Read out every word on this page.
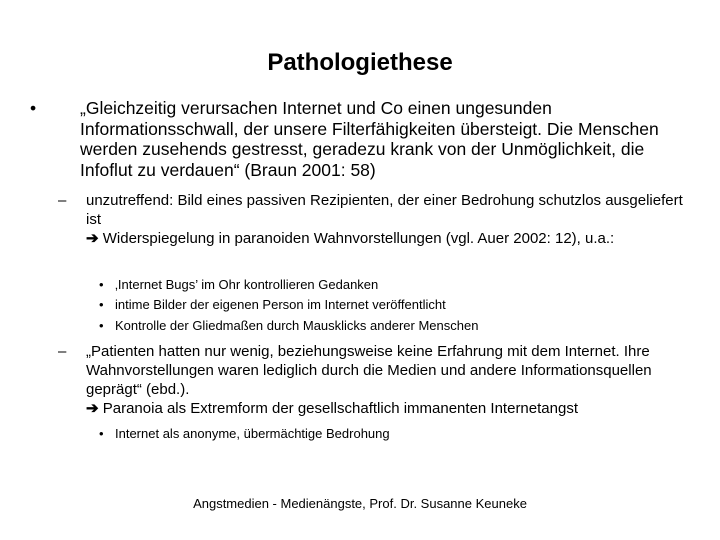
Pathologiethese
•	„Gleichzeitig verursachen Internet und Co einen ungesunden Informationsschwall, der unsere Filterfähigkeiten übersteigt. Die Menschen werden zusehends gestresst, geradezu krank von der Unmöglichkeit, die Infoflut zu verdauen“ (Braun 2001: 58)
– unzutreffend: Bild eines passiven Rezipienten, der einer Bedrohung schutzlos ausgeliefert ist
➔ Widerspiegelung in paranoiden Wahnvorstellungen (vgl. Auer 2002: 12), u.a.:
• ‚Internet Bugs’ im Ohr kontrollieren Gedanken
• intime Bilder der eigenen Person im Internet veröffentlicht
• Kontrolle der Gliedmaßen durch Mausklicks anderer Menschen
– „Patienten hatten nur wenig, beziehungsweise keine Erfahrung mit dem Internet. Ihre Wahnvorstellungen waren lediglich durch die Medien und andere Informationsquellen geprägt“ (ebd.).
➔ Paranoia als Extremform der gesellschaftlich immanenten Internetangst
• Internet als anonyme, übermächtige Bedrohung
Angstmedien - Medienängste, Prof. Dr. Susanne Keuneke
